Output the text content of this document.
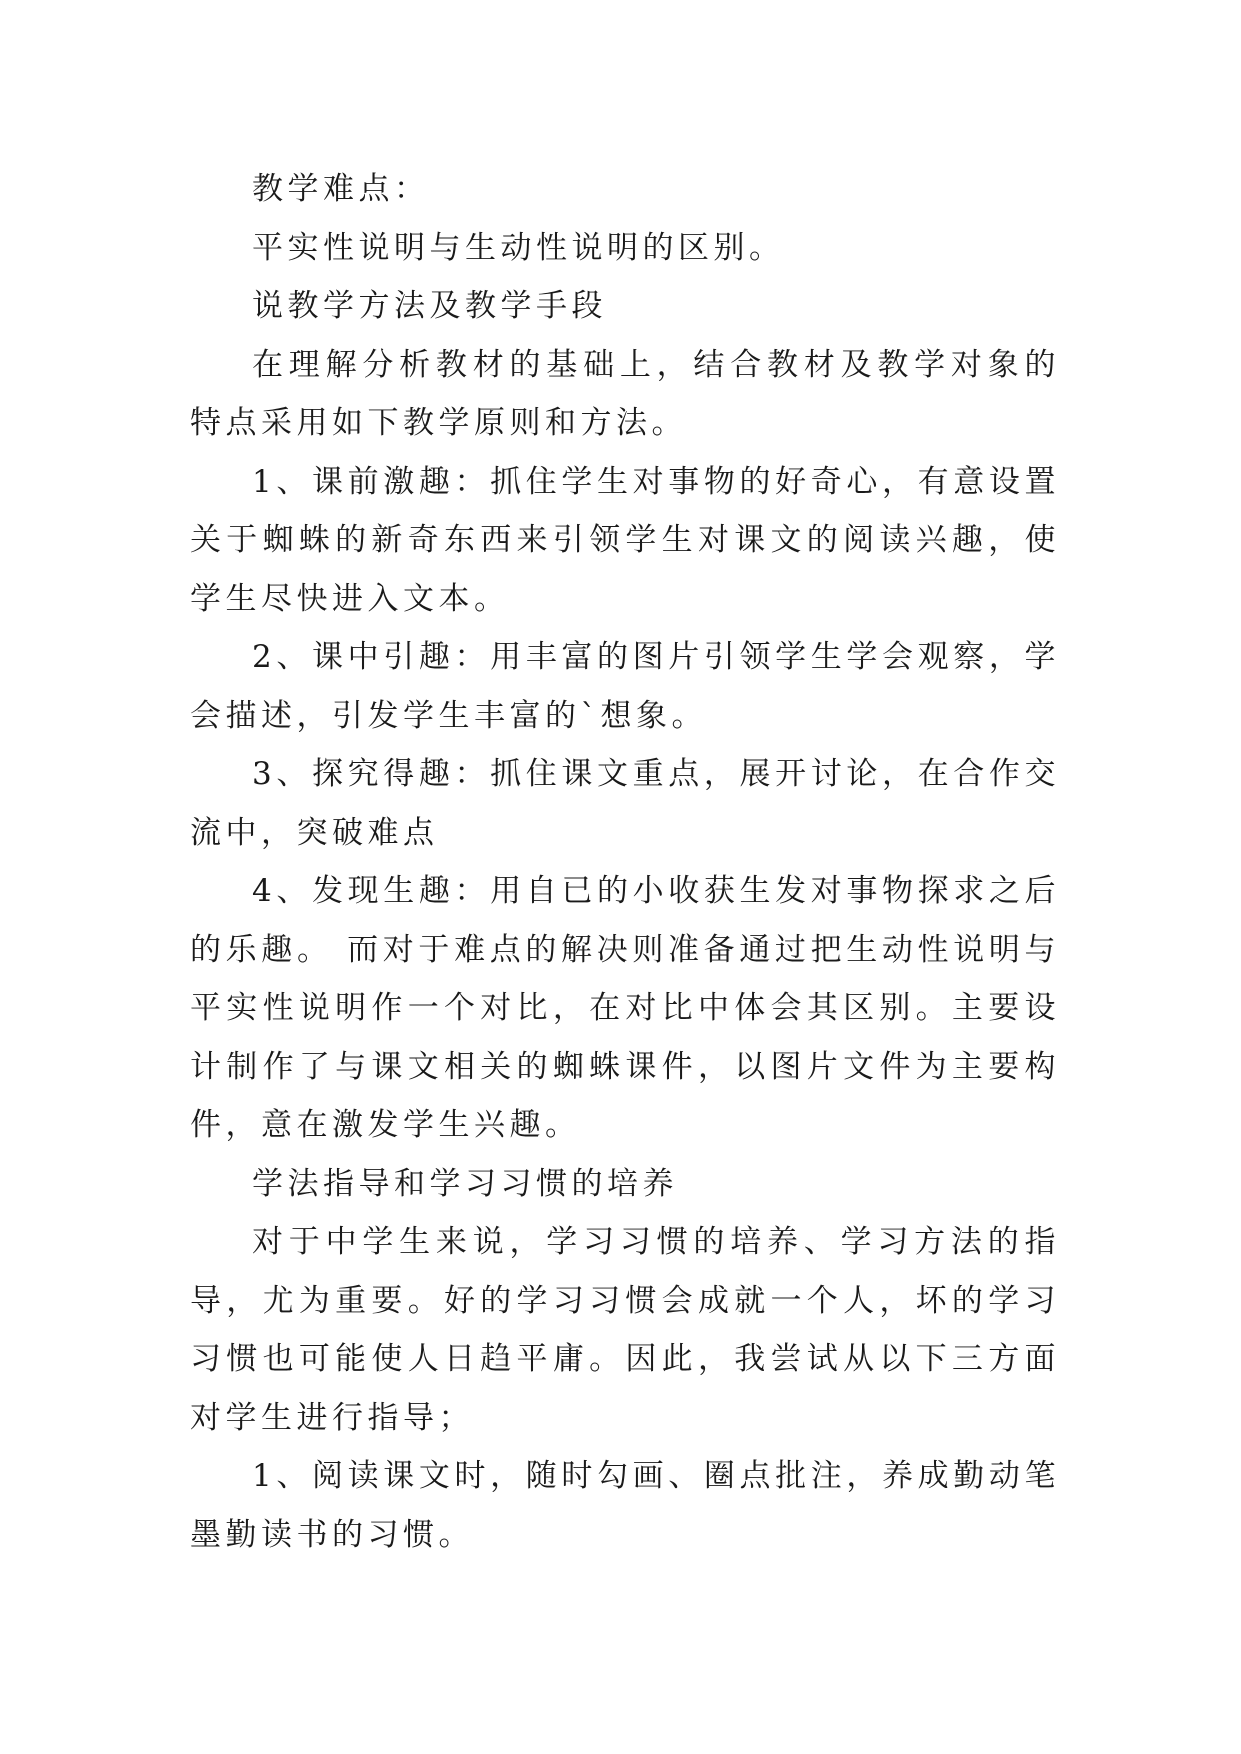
教学难点：

平实性说明与生动性说明的区别。

说教学方法及教学手段

在理解分析教材的基础上，结合教材及教学对象的特点采用如下教学原则和方法。

1、课前激趣：抓住学生对事物的好奇心，有意设置关于蜘蛛的新奇东西来引领学生对课文的阅读兴趣，使学生尽快进入文本。

2、课中引趣：用丰富的图片引领学生学会观察，学会描述，引发学生丰富的`想象。

3、探究得趣：抓住课文重点，展开讨论，在合作交流中，突破难点

4、发现生趣：用自已的小收获生发对事物探求之后的乐趣。 而对于难点的解决则准备通过把生动性说明与平实性说明作一个对比，在对比中体会其区别。主要设计制作了与课文相关的蜘蛛课件，以图片文件为主要构件，意在激发学生兴趣。

学法指导和学习习惯的培养

对于中学生来说，学习习惯的培养、学习方法的指导，尤为重要。好的学习习惯会成就一个人，坏的学习习惯也可能使人日趋平庸。因此，我尝试从以下三方面对学生进行指导；

1、阅读课文时，随时勾画、圈点批注，养成勤动笔墨勤读书的习惯。
